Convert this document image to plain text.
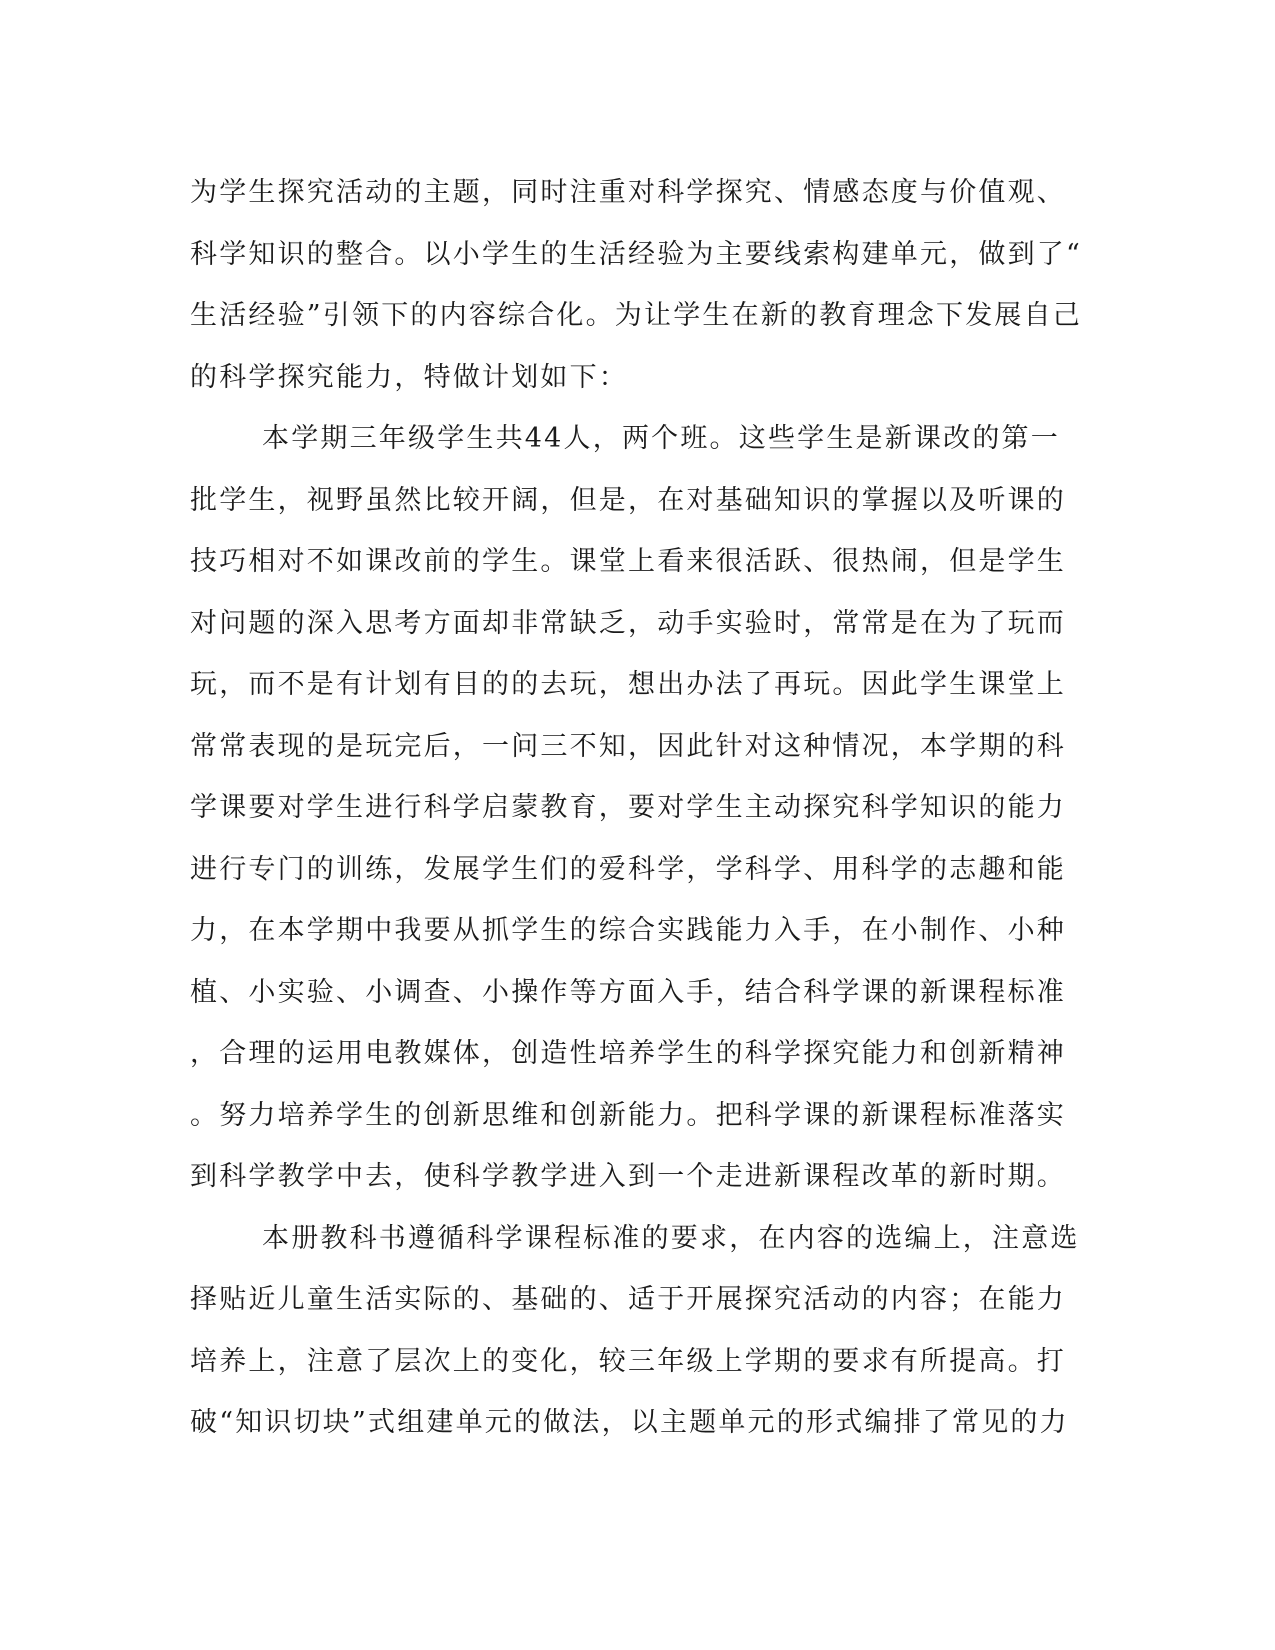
为学生探究活动的主题，同时注重对科学探究、情感态度与价值观、
科学知识的整合。以小学生的生活经验为主要线索构建单元，做到了“
生活经验”引领下的内容综合化。为让学生在新的教育理念下发展自己
的科学探究能力，特做计划如下：
本学期三年级学生共44人，两个班。这些学生是新课改的第一
批学生，视野虽然比较开阔，但是，在对基础知识的掌握以及听课的
技巧相对不如课改前的学生。课堂上看来很活跃、很热闹，但是学生
对问题的深入思考方面却非常缺乏，动手实验时，常常是在为了玩而
玩，而不是有计划有目的的去玩，想出办法了再玩。因此学生课堂上
常常表现的是玩完后，一问三不知，因此针对这种情况，本学期的科
学课要对学生进行科学启蒙教育，要对学生主动探究科学知识的能力
进行专门的训练，发展学生们的爱科学，学科学、用科学的志趣和能
力，在本学期中我要从抓学生的综合实践能力入手，在小制作、小种
植、小实验、小调查、小操作等方面入手，结合科学课的新课程标准
，合理的运用电教媒体，创造性培养学生的科学探究能力和创新精神
。努力培养学生的创新思维和创新能力。把科学课的新课程标准落实
到科学教学中去，使科学教学进入到一个走进新课程改革的新时期。
本册教科书遵循科学课程标准的要求，在内容的选编上，注意选
择贴近儿童生活实际的、基础的、适于开展探究活动的内容；在能力
培养上，注意了层次上的变化，较三年级上学期的要求有所提高。打
破“知识切块”式组建单元的做法，以主题单元的形式编排了常见的力
